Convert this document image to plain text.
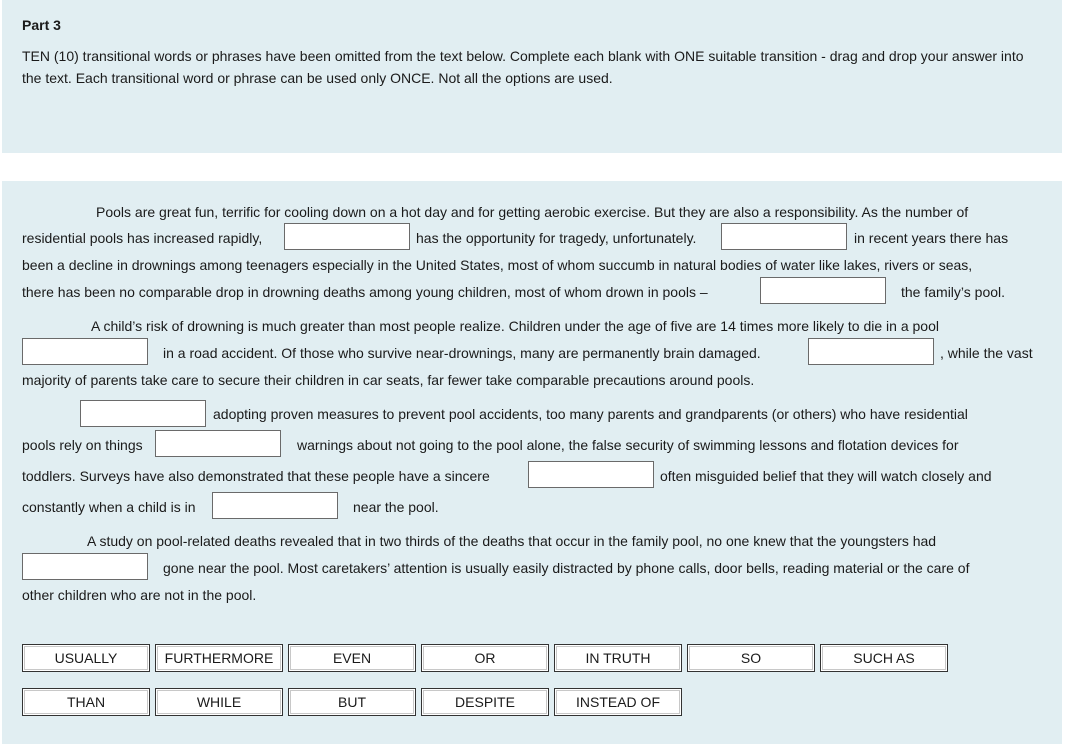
Part 3
TEN (10) transitional words or phrases have been omitted from the text below. Complete each blank with ONE suitable transition - drag and drop your answer into the text. Each transitional word or phrase can be used only ONCE. Not all the options are used.
Pools are great fun, terrific for cooling down on a hot day and for getting aerobic exercise. But they are also a responsibility. As the number of
residential pools has increased rapidly,	has the opportunity for tragedy, unfortunately.	in recent years there has
been a decline in drownings among teenagers especially in the United States, most of whom succumb in natural bodies of water like lakes, rivers or seas,
there has been no comparable drop in drowning deaths among young children, most of whom drown in pools –	the family’s pool.
A child’s risk of drowning is much greater than most people realize. Children under the age of five are 14 times more likely to die in a pool
in a road accident. Of those who survive near-drownings, many are permanently brain damaged.	, while the vast
majority of parents take care to secure their children in car seats, far fewer take comparable precautions around pools.
adopting proven measures to prevent pool accidents, too many parents and grandparents (or others) who have residential
pools rely on things	warnings about not going to the pool alone, the false security of swimming lessons and flotation devices for
toddlers. Surveys have also demonstrated that these people have a sincere	often misguided belief that they will watch closely and
constantly when a child is in	near the pool.
A study on pool-related deaths revealed that in two thirds of the deaths that occur in the family pool, no one knew that the youngsters had
gone near the pool. Most caretakers’ attention is usually easily distracted by phone calls, door bells, reading material or the care of
other children who are not in the pool.
USUALLY	FURTHERMORE	EVEN	OR	IN TRUTH	SO	SUCH AS
THAN	WHILE	BUT	DESPITE	INSTEAD OF
